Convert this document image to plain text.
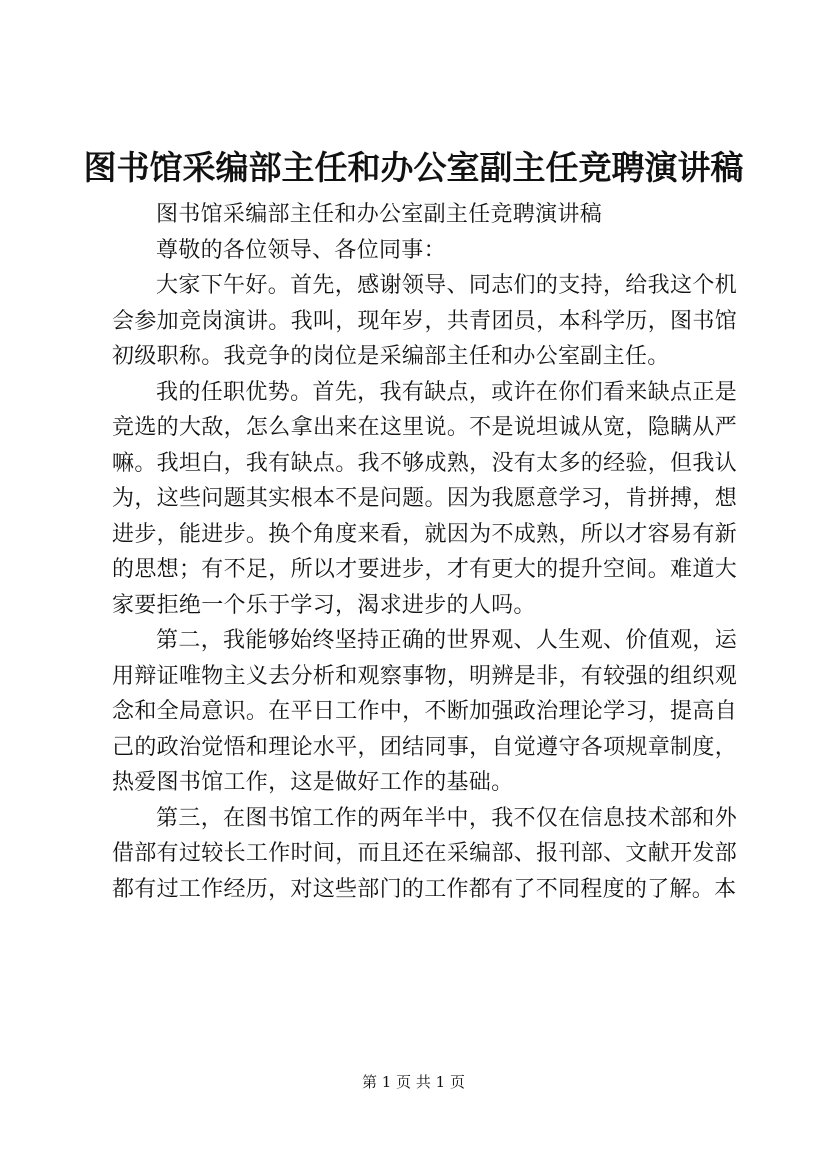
图书馆采编部主任和办公室副主任竞聘演讲稿

图书馆采编部主任和办公室副主任竞聘演讲稿

尊敬的各位领导、各位同事：

大家下午好。首先，感谢领导、同志们的支持，给我这个机会参加竞岗演讲。我叫，现年岁，共青团员，本科学历，图书馆初级职称。我竞争的岗位是采编部主任和办公室副主任。

我的任职优势。首先，我有缺点，或许在你们看来缺点正是竞选的大敌，怎么拿出来在这里说。不是说坦诚从宽，隐瞒从严嘛。我坦白，我有缺点。我不够成熟，没有太多的经验，但我认为，这些问题其实根本不是问题。因为我愿意学习，肯拼搏，想进步，能进步。换个角度来看，就因为不成熟，所以才容易有新的思想；有不足，所以才要进步，才有更大的提升空间。难道大家要拒绝一个乐于学习，渴求进步的人吗。

第二，我能够始终坚持正确的世界观、人生观、价值观，运用辩证唯物主义去分析和观察事物，明辨是非，有较强的组织观念和全局意识。在平日工作中，不断加强政治理论学习，提高自己的政治觉悟和理论水平，团结同事，自觉遵守各项规章制度，热爱图书馆工作，这是做好工作的基础。

第三，在图书馆工作的两年半中，我不仅在信息技术部和外借部有过较长工作时间，而且还在采编部、报刊部、文献开发部都有过工作经历，对这些部门的工作都有了不同程度的了解。本

第 1 页 共 1 页
